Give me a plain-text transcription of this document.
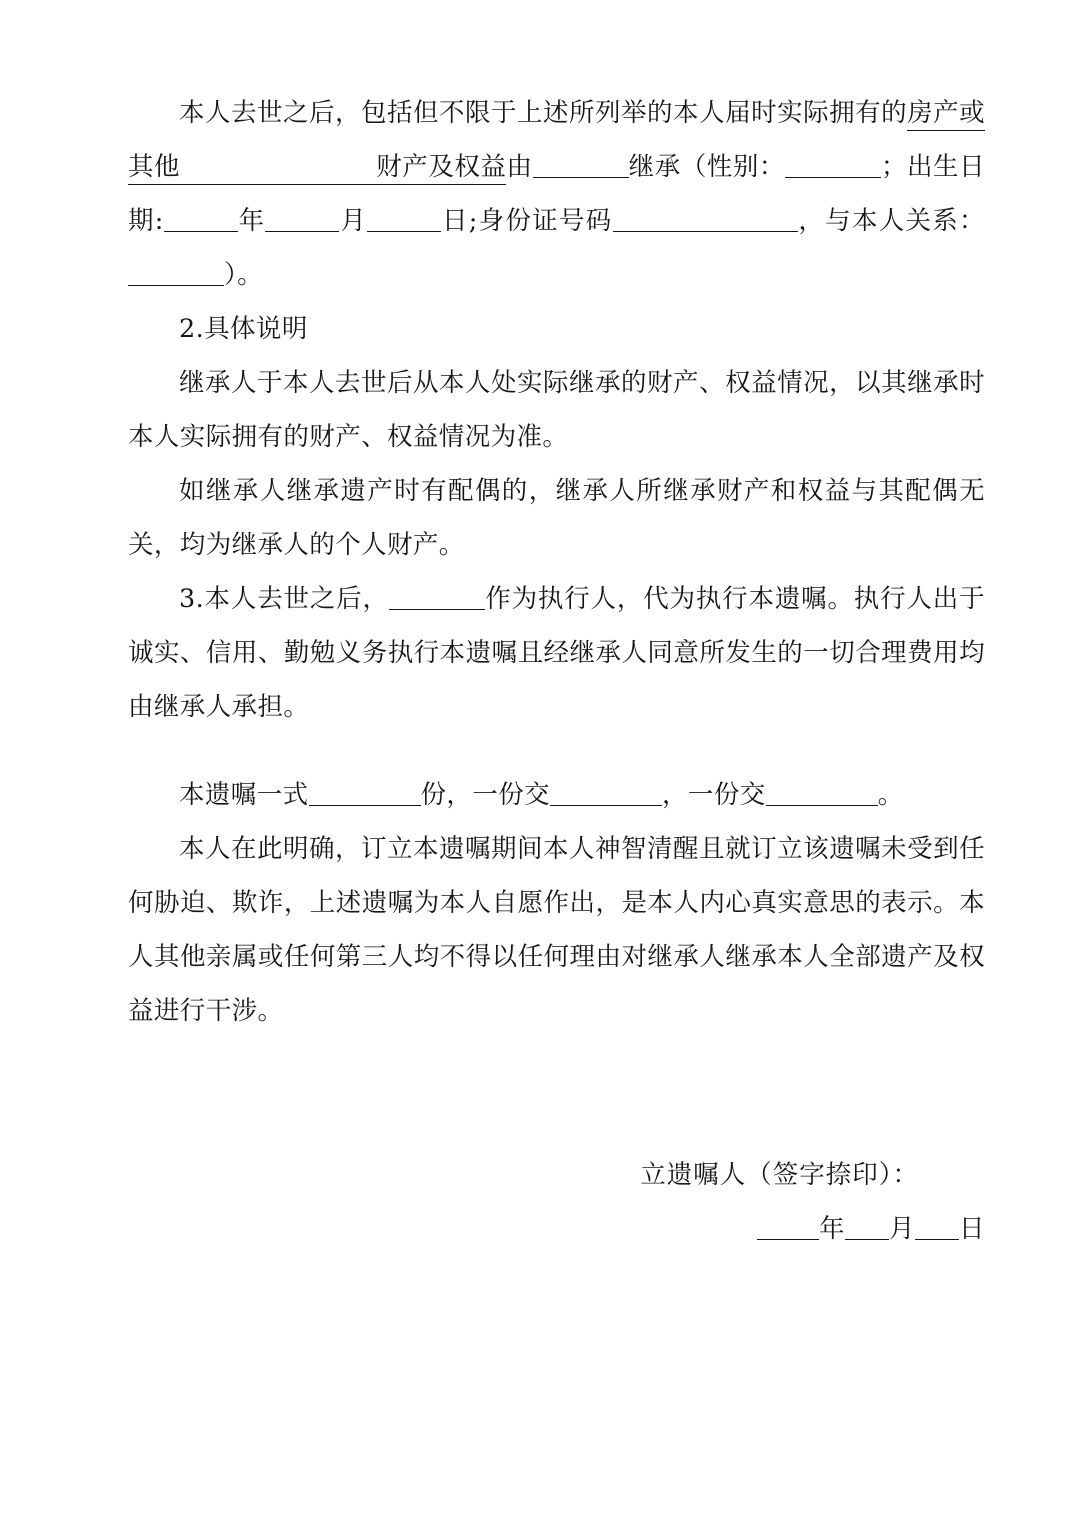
本人去世之后，包括但不限于上述所列举的本人届时实际拥有的房产或其他	财产及权益由	继承（性别：	；出生日期:	年	月	日;身份证号码	，与本人关系：）。

2.具体说明

继承人于本人去世后从本人处实际继承的财产、权益情况，以其继承时本人实际拥有的财产、权益情况为准。

如继承人继承遗产时有配偶的，继承人所继承财产和权益与其配偶无关，均为继承人的个人财产。

3.本人去世之后，	作为执行人，代为执行本遗嘱。执行人出于诚实、信用、勤勉义务执行本遗嘱且经继承人同意所发生的一切合理费用均由继承人承担。

本遗嘱一式	份，一份交	，一份交	。

本人在此明确，订立本遗嘱期间本人神智清醒且就订立该遗嘱未受到任何胁迫、欺诈，上述遗嘱为本人自愿作出，是本人内心真实意思的表示。本人其他亲属或任何第三人均不得以任何理由对继承人继承本人全部遗产及权益进行干涉。

立遗嘱人（签字捺印）：
年 月 日
